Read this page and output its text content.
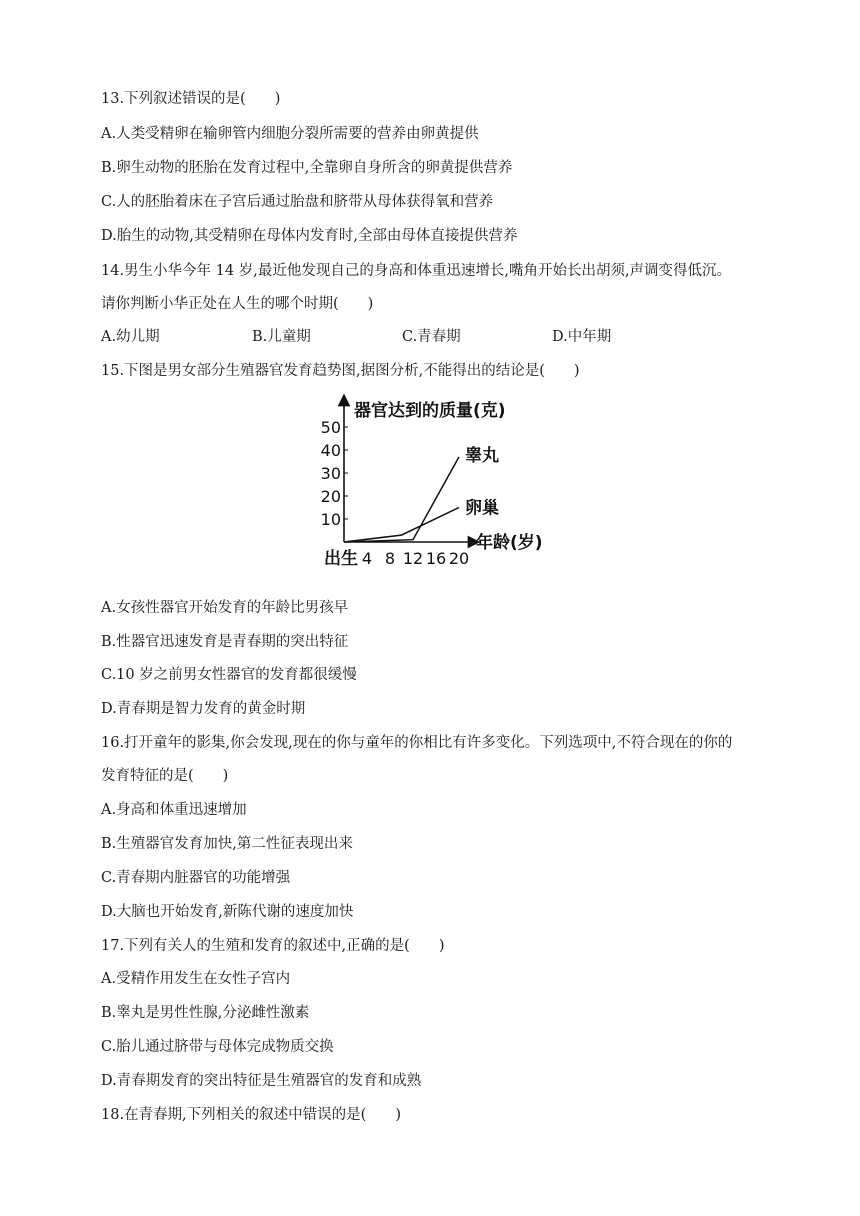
13.下列叙述错误的是(　　)
A.人类受精卵在输卵管内细胞分裂所需要的营养由卵黄提供
B.卵生动物的胚胎在发育过程中,全靠卵自身所含的卵黄提供营养
C.人的胚胎着床在子宫后通过胎盘和脐带从母体获得氧和营养
D.胎生的动物,其受精卵在母体内发育时,全部由母体直接提供营养
14.男生小华今年 14 岁,最近他发现自己的身高和体重迅速增长,嘴角开始长出胡须,声调变得低沉。
请你判断小华正处在人生的哪个时期(　　)
A.幼儿期	B.儿童期	C.青春期	D.中年期
15.下图是男女部分生殖器官发育趋势图,据图分析,不能得出的结论是(　　)
器官达到的质量(克)
年龄(岁)
出生 4 8 12 16 20
10
20
30
40
50
睾丸
卵巢
A.女孩性器官开始发育的年龄比男孩早
B.性器官迅速发育是青春期的突出特征
C.10 岁之前男女性器官的发育都很缓慢
D.青春期是智力发育的黄金时期
16.打开童年的影集,你会发现,现在的你与童年的你相比有许多变化。下列选项中,不符合现在的你的
发育特征的是(　　)
A.身高和体重迅速增加
B.生殖器官发育加快,第二性征表现出来
C.青春期内脏器官的功能增强
D.大脑也开始发育,新陈代谢的速度加快
17.下列有关人的生殖和发育的叙述中,正确的是(　　)
A.受精作用发生在女性子宫内
B.睾丸是男性性腺,分泌雌性激素
C.胎儿通过脐带与母体完成物质交换
D.青春期发育的突出特征是生殖器官的发育和成熟
18.在青春期,下列相关的叙述中错误的是(　　)
